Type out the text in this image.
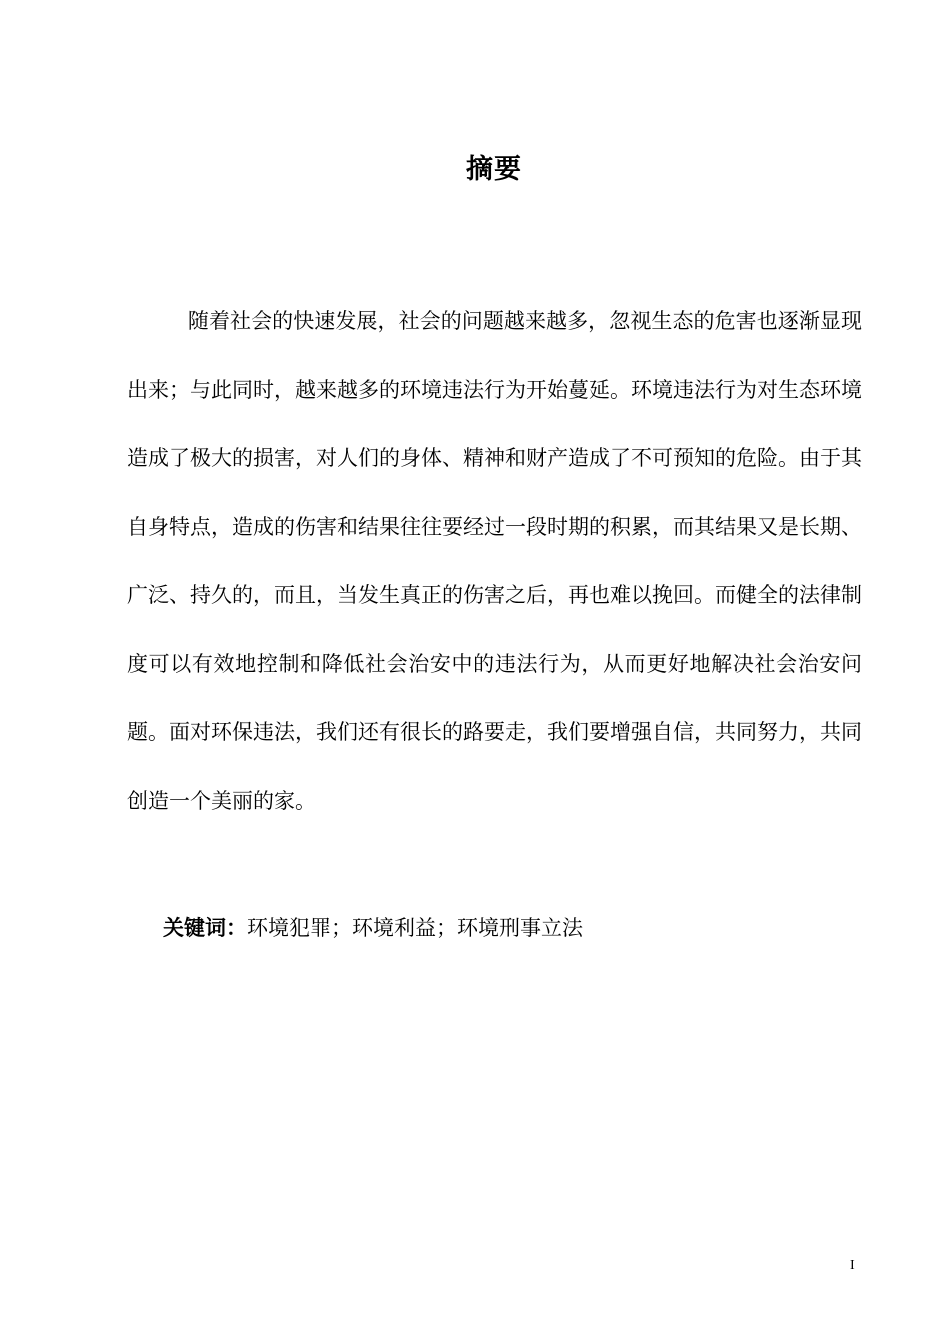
摘要

随着社会的快速发展，社会的问题越来越多，忽视生态的危害也逐渐显现出来；与此同时，越来越多的环境违法行为开始蔓延。环境违法行为对生态环境造成了极大的损害，对人们的身体、精神和财产造成了不可预知的危险。由于其自身特点，造成的伤害和结果往往要经过一段时期的积累，而其结果又是长期、广泛、持久的，而且，当发生真正的伤害之后，再也难以挽回。而健全的法律制度可以有效地控制和降低社会治安中的违法行为，从而更好地解决社会治安问题。面对环保违法，我们还有很长的路要走，我们要增强自信，共同努力，共同创造一个美丽的家。

关键词：环境犯罪；环境利益；环境刑事立法
I
